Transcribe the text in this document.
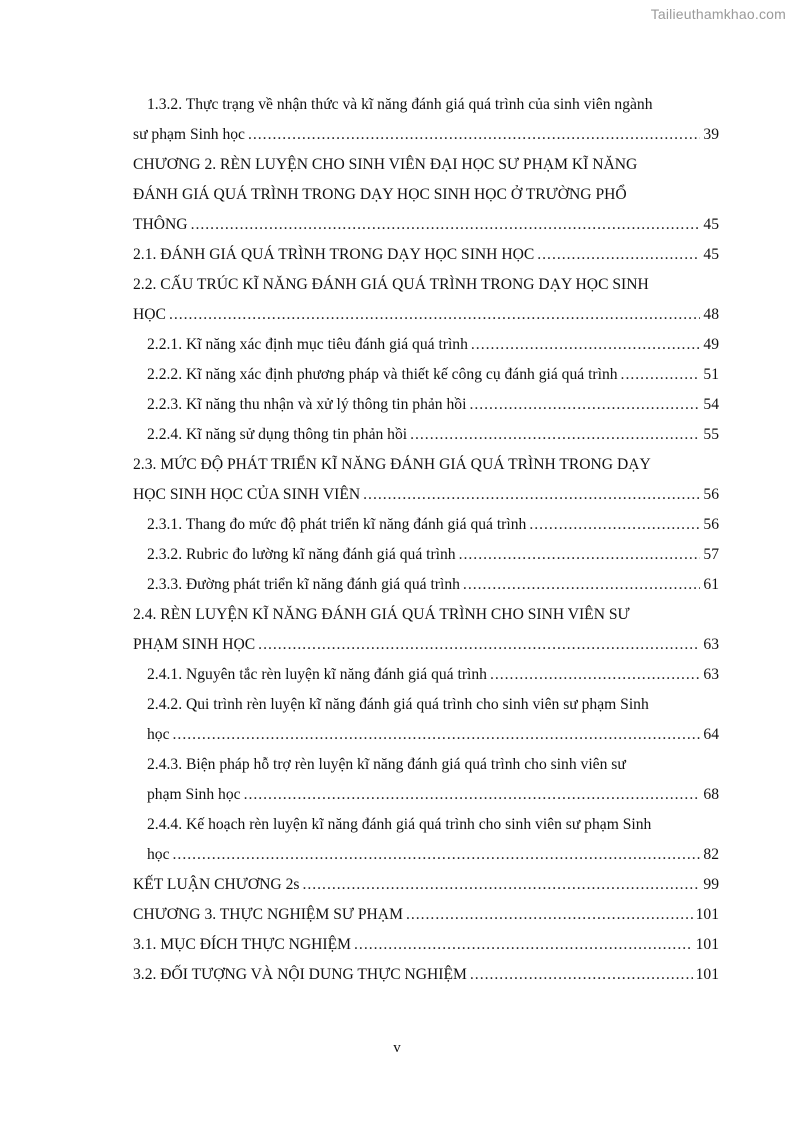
Tailieuthamkhao.com
1.3.2. Thực trạng về nhận thức và kĩ năng đánh giá quá trình của sinh viên ngành
sư phạm Sinh học .....	39
CHƯƠNG 2. RÈN LUYỆN CHO SINH VIÊN ĐẠI HỌC SƯ PHẠM KĨ NĂNG
ĐÁNH GIÁ QUÁ TRÌNH TRONG DẠY HỌC SINH HỌC Ở TRƯỜNG PHỔ
THÔNG .....	45
2.1. ĐÁNH GIÁ QUÁ TRÌNH TRONG DẠY HỌC SINH HỌC .....	45
2.2. CẤU TRÚC KĨ NĂNG ĐÁNH GIÁ QUÁ TRÌNH TRONG DẠY HỌC SINH
HỌC .....	48
2.2.1. Kĩ năng xác định mục tiêu đánh giá quá trình .....	49
2.2.2. Kĩ năng xác định phương pháp và thiết kế công cụ đánh giá quá trình .....	51
2.2.3. Kĩ năng thu nhận và xử lý thông tin phản hồi .....	54
2.2.4. Kĩ năng sử dụng thông tin phản hồi .....	55
2.3. MỨC ĐỘ PHÁT TRIỂN KĨ NĂNG ĐÁNH GIÁ QUÁ TRÌNH TRONG DẠY
HỌC SINH HỌC CỦA SINH VIÊN .....	56
2.3.1. Thang đo mức độ phát triển kĩ năng đánh giá quá trình .....	56
2.3.2. Rubric đo lường kĩ năng đánh giá quá trình .....	57
2.3.3. Đường phát triển kĩ năng đánh giá quá trình .....	61
2.4. RÈN LUYỆN KĨ NĂNG ĐÁNH GIÁ QUÁ TRÌNH CHO SINH VIÊN SƯ
PHẠM SINH HỌC .....	63
2.4.1. Nguyên tắc rèn luyện kĩ năng đánh giá quá trình .....	63
2.4.2. Qui trình rèn luyện kĩ năng đánh giá quá trình cho sinh viên sư phạm Sinh
học .....	64
2.4.3. Biện pháp hỗ trợ rèn luyện kĩ năng đánh giá quá trình cho sinh viên sư
phạm Sinh học .....	68
2.4.4. Kế hoạch rèn luyện kĩ năng đánh giá quá trình cho sinh viên sư phạm Sinh
học .....	82
KẾT LUẬN CHƯƠNG 2s .....	99
CHƯƠNG 3. THỰC NGHIỆM SƯ PHẠM .....	101
3.1. MỤC ĐÍCH THỰC NGHIỆM .....	101
3.2. ĐỐI TƯỢNG VÀ NỘI DUNG THỰC NGHIỆM .....	101
v
